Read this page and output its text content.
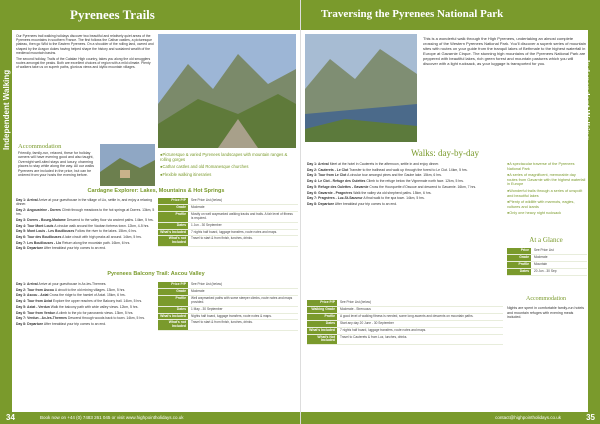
Pyrenees Trails
Independent Walking

Our Pyrenees trail walking holidays discover two beautiful and relatively quiet areas of the Pyrenees mountains in southern France. The first follows the Cathar castles, a picturesque plateau, then go Wild to the Eastern Pyrenees. On a shoulder of the rolling land, owned and shaped by the Aragon dukes having helped shape the history and sustained wealth of the medieval mountain basins.

The second holiday, Trails of the Catalan High country, takes you along the old smugglers routes amongst the peaks. Both are excellent choices of region with a mild climate. Plenty of walkers take us on superb paths, glorious views and idyllic mountain villages.

Accommodation
Friendly, family-run, relaxed, these for holiday owners will have evening good and also taught, Overnight well-sited stays and luxury, charming places to stay while along the way. All our walks Pyrenees are included in the price, but can be ordered from your hosts the evening before.
● Picturesque & varied Pyrenees landscapes with mountain ranges & rolling gorges
● Cathar castles and old Romanesque churches
● Flexible walking itineraries
Cardagne Explorer: Lakes, Mountains & Hot Springs

Day 1: Arrival Arrive at your guesthouse in the village of Llo, settle in, and enjoy a relaxing dinner.

Day 2: Angoustrine - Dorres Climb through meadows to the hot springs at Dorres. 13km, 5 hrs.

Day 3: Dorres - Bourg-Madame Descend to the valley floor via ancient paths. 14km, 5 hrs.

Day 4: Tour Mont Louis A circular walk around the Vauban fortress town. 12km, 4-5 hrs.

Day 5: Mont Louis - Les Bouillouses Follow the river to the lakes. 15km, 6 hrs.

Day 6: Tour des Bouillouses A lake circuit with high peaks all around. 14km, 5 hrs.

Day 7: Les Bouillouses - Llo Return along the mountain path. 16km, 6 hrs.

Day 8: Departure After breakfast your trip comes to an end.

Price P/P	See Price List (below)
Grade	Moderate
Profile	Mostly on well waymarked walking tracks and trails. A fair level of fitness is required.
Dates	1 Jun - 30 September
What's Included	7 nights half board, luggage transfers, route notes and maps.
What's not Included
Travel to start & from finish, lunches, drinks.
Pyrenees Balcony Trail: Ascou Valley

Day 1: Arrival Arrive at your guesthouse in Ax-les-Thermes.

Day 2: Tour from Ascou A circuit to the old mining villages. 13km, 5 hrs.

Day 3: Ascou - Axiat Cross the ridge to the hamlet of Axiat. 15km, 6 hrs.

Day 4: Tour from Axiat Explore the upper reaches of the Balcony trail. 14km, 5 hrs.

Day 5: Axiat - Verdun Walk the balcony path with wide valley views. 12km, 5 hrs.

Day 6: Tour from Verdun A climb to the pic for panoramic views. 13km, 5 hrs.

Day 7: Verdun - Ax-les-Thermes Descend through woods back to town. 14km, 5 hrs.

Day 8: Departure After breakfast your trip comes to an end.

Price P/P	See Price List (below)
Grade	Moderate
Profile	Well waymarked paths with some steeper climbs, route notes and maps provided.
Dates	1 May - 30 September
What's Included	Nights half board, luggage transfers, route notes & maps.
What's not Included
Travel to start & from finish, lunches, drinks.
34	Book now on +44 (0) 7483 261 045 or visit www.highpointholidays.co.uk
Traversing the Pyrenees National Park
Independent Walking
This is a wonderful walk through the High Pyrenees, undertaking an almost complete crossing of the Western Pyrenees National Park. You'll discover a superb series of mountain sites with routes on your guide from the tranquil lakes of Bethmale to the highest waterfall in Europe at Gavarnie Cirque. The stunning high mountains of the Pyrenees National Park are peppered with beautiful lakes, rich green forest and mountain pastures which you will discover with a light rucksack, as your luggage is transported for you.
Walks: day-by-day

Day 1: Arrival Meet at the hotel in Cauterets in the afternoon, settle in and enjoy dinner.

Day 2: Cauterets - Le Clot Transfer to the trailhead and walk up through the forest to Le Clot. 14km, 5 hrs.

Day 3: Tour from Le Clot A circular tour amongst pines and the Gaube lake. 15km, 6 hrs.

Day 4: Le Clot - Refuge des Oulettes Climb to the refuge below the Vignemale north face. 12km, 5 hrs.

Day 5: Refuge des Oulettes - Gavarnie Cross the Hourquette d'Ossoue and descend to Gavarnie. 16km, 7 hrs.

Day 6: Gavarnie - Pragnères Walk the valley via old shepherd paths. 15km, 6 hrs.

Day 7: Pragnères - Luz-St-Sauveur A final walk to the spa town. 14km, 5 hrs.

Day 8: Departure After breakfast your trip comes to an end.

● A spectacular traverse of the Pyrenees National Park
● A series of magnificent, memorable day routes from Gavarnie with the highest waterfall in Europe
● Wonderful trails through a series of unspoilt and beautiful lakes
● Plenty of wildlife with marmots, eagles, vultures and izards
● Only one heavy night rucksack
At a Glance
Price	See Price List
Grade	Moderate
Profile	Mountain
Dates	20 Jun - 30 Sep
Price P/P	See Price List (below)
Walking Grade	Moderate - Strenuous
Profile	A good level of walking fitness is needed, some long ascents and descents on mountain paths.
Dates	Start any day 20 June - 30 September
What's Included	7 nights half board, luggage transfers, route notes and maps.
What's Not Included
Travel to Cauterets & from Luz, lunches, drinks.
Accommodation
Nights are spent in comfortable family-run hotels and mountain refuges with evening meals included.
contact@highpointholidays.co.uk	35
